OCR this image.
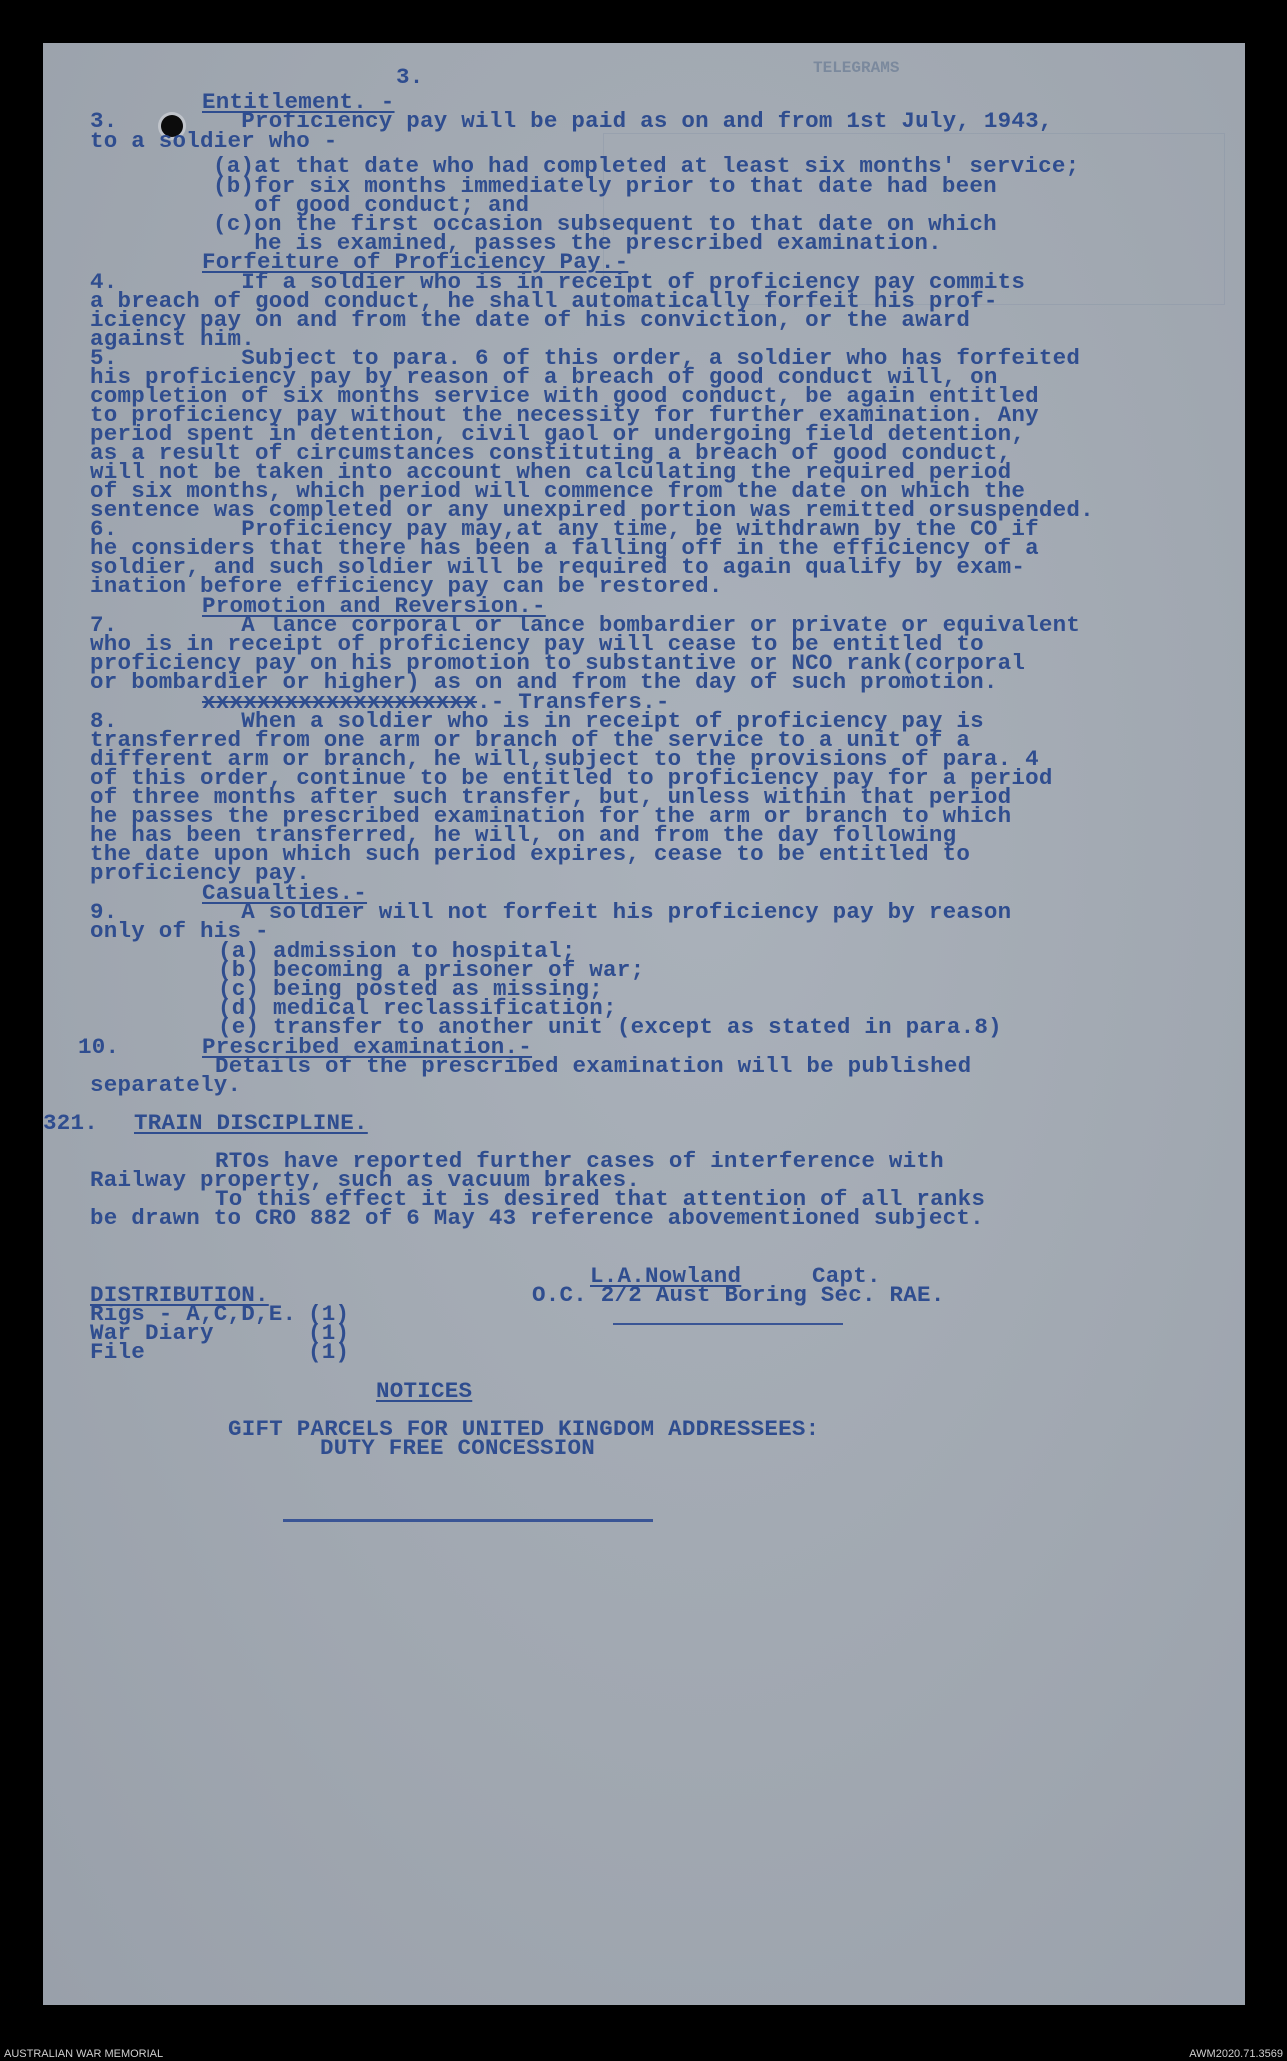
TELEGRAMS
3.
Entitlement. -
3.         Proficiency pay will be paid as on and from 1st July, 1943,
to a soldier who -
(a)at that date who had completed at least six months' service;
(b)for six months immediately prior to that date had been
of good conduct; and
(c)on the first occasion subsequent to that date on which
he is examined, passes the prescribed examination.
Forfeiture of Proficiency Pay.-
4.         If a soldier who is in receipt of proficiency pay commits
a breach of good conduct, he shall automatically forfeit his prof-
iciency pay on and from the date of his conviction, or the award
against him.
5.         Subject to para. 6 of this order, a soldier who has forfeited
his proficiency pay by reason of a breach of good conduct will, on
completion of six months service with good conduct, be again entitled
to proficiency pay without the necessity for further examination. Any
period spent in detention, civil gaol or undergoing field detention,
as a result of circumstances constituting a breach of good conduct,
will not be taken into account when calculating the required period
of six months, which period will commence from the date on which the
sentence was completed or any unexpired portion was remitted orsuspended.
6.         Proficiency pay may,at any time, be withdrawn by the CO if
he considers that there has been a falling off in the efficiency of a
soldier, and such soldier will be required to again qualify by exam-
ination before efficiency pay can be restored.
Promotion and Reversion.-
7.         A lance corporal or lance bombardier or private or equivalent
who is in receipt of proficiency pay will cease to be entitled to
proficiency pay on his promotion to substantive or NCO rank(corporal
or bombardier or higher) as on and from the day of such promotion.
xxxxxxxxxxxxxxxxxxxx.- Transfers.-
8.         When a soldier who is in receipt of proficiency pay is
transferred from one arm or branch of the service to a unit of a
different arm or branch, he will,subject to the provisions of para. 4
of this order, continue to be entitled to proficiency pay for a period
of three months after such transfer, but, unless within that period
he passes the prescribed examination for the arm or branch to which
he has been transferred, he will, on and from the day following
the date upon which such period expires, cease to be entitled to
proficiency pay.
Casualties.-
9.         A soldier will not forfeit his proficiency pay by reason
only of his -
(a) admission to hospital;
(b) becoming a prisoner of war;
(c) being posted as missing;
(d) medical reclassification;
(e) transfer to another unit (except as stated in para.8)
10.	Prescribed examination.-
Details of the prescribed examination will be published
separately.
321. TRAIN DISCIPLINE.
RTOs have reported further cases of interference with
Railway property, such as vacuum brakes.
To this effect it is desired that attention of all ranks
be drawn to CRO 882 of 6 May 43 reference abovementioned subject.
L.A.Nowland	Capt.
O.C. 2/2 Aust Boring Sec. RAE.
DISTRIBUTION.
Rigs - A,C,D,E. (1)
War Diary	(1)
File	(1)
NOTICES
GIFT PARCELS FOR UNITED KINGDOM ADDRESSEES:
DUTY FREE CONCESSION
AUSTRALIAN WAR MEMORIAL	AWM2020.71.3569
